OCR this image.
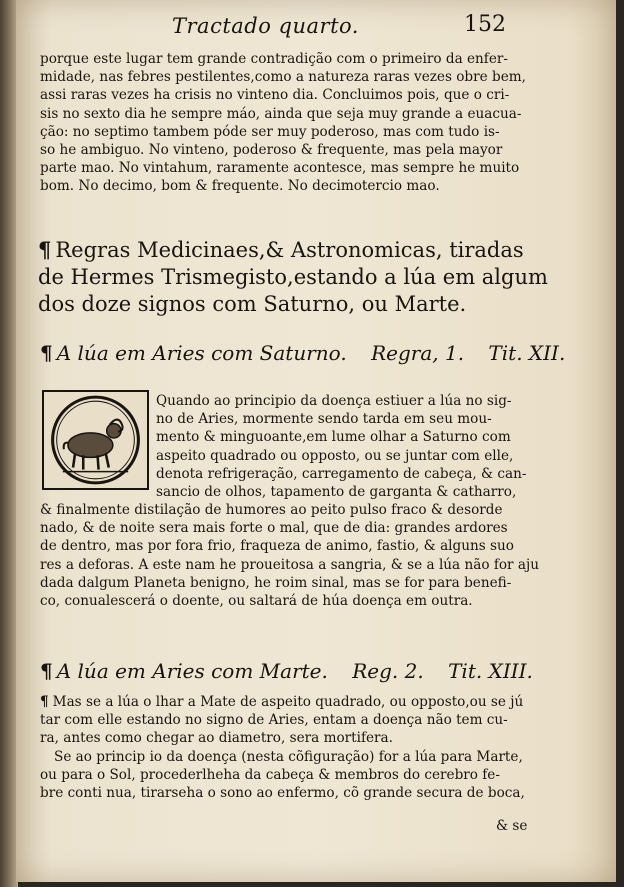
Tractado quarto.	152
porque este lugar tem grande contradição com o primeiro da enfer-
midade, nas febres pestilentes,como a natureza raras vezes obre bem,
assi raras vezes ha crisis no vinteno dia. Concluimos pois, que o cri-
sis no sexto dia he sempre máo, ainda que seja muy grande a euacua-
ção: no septimo tambem póde ser muy poderoso, mas com tudo is-
so he ambiguo. No vinteno, poderoso & frequente, mas pela mayor
parte mao. No vintahum, raramente acontesce, mas sempre he muito
bom. No decimo, bom & frequente. No decimotercio mao.
¶ Regras Medicinaes,& Astronomicas, tiradas
de Hermes Trismegisto,estando a lúa em algum
dos doze signos com Saturno, ou Marte.
¶ A lúa em Aries com Saturno. Regra, 1. Tit. XII.
Quando ao principio da doença estiuer a lúa no sig-
no de Aries, mormente sendo tarda em seu mou-
mento & minguoante,em lume olhar a Saturno com
aspeito quadrado ou opposto, ou se juntar com elle,
denota refrigeração, carregamento de cabeça, & can-
sancio de olhos, tapamento de garganta & catharro,
& finalmente distilação de humores ao peito pulso fraco & desorde
nado, & de noite sera mais forte o mal, que de dia: grandes ardores
de dentro, mas por fora frio, fraqueza de animo, fastio, & alguns suo
res a deforas. A este nam he proueitosa a sangria, & se a lúa não for aju
dada dalgum Planeta benigno, he roim sinal, mas se for para benefi-
co, conualescerá o doente, ou saltará de húa doença em outra.
¶ A lúa em Aries com Marte. Reg. 2. Tit. XIII.
¶ Mas se a lúa o lhar a Mate de aspeito quadrado, ou opposto,ou se jú
tar com elle estando no signo de Aries, entam a doença não tem cu-
ra, antes como chegar ao diametro, sera mortifera.
Se ao princip io da doença (nesta cõfiguração) for a lúa para Marte,
ou para o Sol, procederlheha da cabeça & membros do cerebro fe-
bre conti nua, tirarseha o sono ao enfermo, cõ grande secura de boca,
& se
